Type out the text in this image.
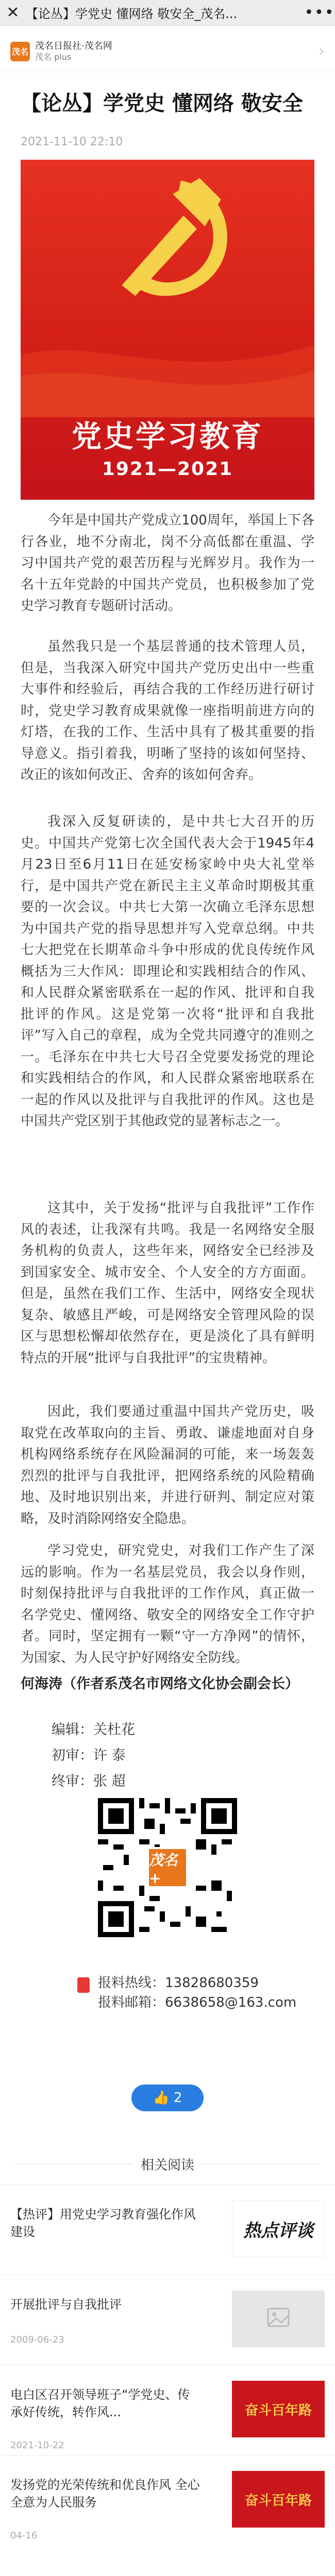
✕ 【论丛】学党史 懂网络 敬安全_茂名...	•••
茂名
茂名日报社·茂名网
茂名 plus	›
【论丛】学党史 懂网络 敬安全
2021-11-10 22:10
党史学习教育
1921—2021

今年是中国共产党成立100周年，举国上下各行各业，地不分南北，岗不分高低都在重温、学习中国共产党的艰苦历程与光辉岁月。我作为一名十五年党龄的中国共产党员，也积极参加了党史学习教育专题研讨活动。

虽然我只是一个基层普通的技术管理人员，但是，当我深入研究中国共产党历史出中一些重大事件和经验后，再结合我的工作经历进行研讨时，党史学习教育成果就像一座指明前进方向的灯塔，在我的工作、生活中具有了极其重要的指导意义。指引着我，明晰了坚持的该如何坚持、改正的该如何改正、舍弃的该如何舍弃。

我深入反复研读的，是中共七大召开的历史。中国共产党第七次全国代表大会于1945年4月23日至6月11日在延安杨家岭中央大礼堂举行，是中国共产党在新民主主义革命时期极其重要的一次会议。中共七大第一次确立毛泽东思想为中国共产党的指导思想并写入党章总纲。中共七大把党在长期革命斗争中形成的优良传统作风概括为三大作风：即理论和实践相结合的作风、和人民群众紧密联系在一起的作风、批评和自我批评的作风。这是党第一次将“批评和自我批评”写入自己的章程，成为全党共同遵守的准则之一。毛泽东在中共七大号召全党要发扬党的理论和实践相结合的作风，和人民群众紧密地联系在一起的作风以及批评与自我批评的作风。这也是中国共产党区别于其他政党的显著标志之一。

这其中，关于发扬“批评与自我批评”工作作风的表述，让我深有共鸣。我是一名网络安全服务机构的负责人，这些年来，网络安全已经涉及到国家安全、城市安全、个人安全的方方面面。但是，虽然在我们工作、生活中，网络安全现状复杂、敏感且严峻，可是网络安全管理风险的误区与思想松懈却依然存在，更是淡化了具有鲜明特点的开展“批评与自我批评”的宝贵精神。

因此，我们要通过重温中国共产党历史，吸取党在改革取向的主旨、勇敢、谦虚地面对自身机构网络系统存在风险漏洞的可能，来一场轰轰烈烈的批评与自我批评，把网络系统的风险精确地、及时地识别出来，并进行研判、制定应对策略，及时消除网络安全隐患。

学习党史，研究党史，对我们工作产生了深远的影响。作为一名基层党员，我会以身作则，时刻保持批评与自我批评的工作作风，真正做一名学党史、懂网络、敬安全的网络安全工作守护者。同时，坚定拥有一颗“守一方净网”的情怀，为国家、为人民守护好网络安全防线。

何海涛（作者系茂名市网络文化协会副会长）
编辑：关杜花
初审：许 泰
终审：张 超
茂名+
报料热线：13828680359
报料邮箱：6638658@163.com
👍 2
相关阅读
【热评】用党史学习教育强化作风建设	热点评谈
开展批评与自我批评
2009-06-23
电白区召开领导班子“学党史、传承好传统，转作风...
2021-10-22
奋斗百年路
发扬党的光荣传统和优良作风 全心全意为人民服务
04-16
奋斗百年路
